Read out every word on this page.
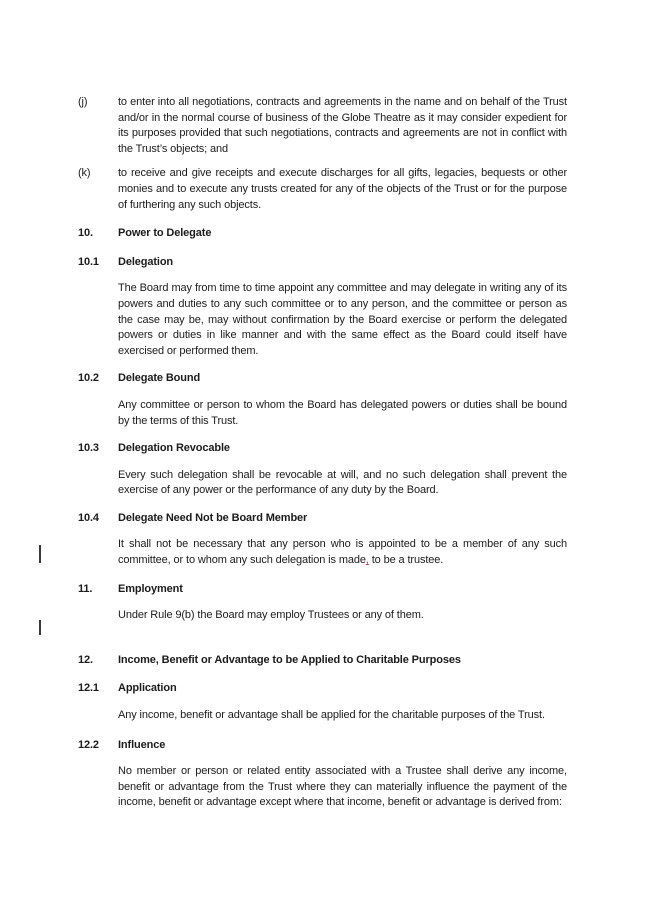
(j)	to enter into all negotiations, contracts and agreements in the name and on behalf of the Trust and/or in the normal course of business of the Globe Theatre as it may consider expedient for its purposes provided that such negotiations, contracts and agreements are not in conflict with the Trust’s objects; and

(k)	to receive and give receipts and execute discharges for all gifts, legacies, bequests or other monies and to execute any trusts created for any of the objects of the Trust or for the purpose of furthering any such objects.

10.	Power to Delegate

10.1	Delegation

The Board may from time to time appoint any committee and may delegate in writing any of its powers and duties to any such committee or to any person, and the committee or person as the case may be, may without confirmation by the Board exercise or perform the delegated powers or duties in like manner and with the same effect as the Board could itself have exercised or performed them.

10.2	Delegate Bound

Any committee or person to whom the Board has delegated powers or duties shall be bound by the terms of this Trust.

10.3	Delegation Revocable

Every such delegation shall be revocable at will, and no such delegation shall prevent the exercise of any power or the performance of any duty by the Board.

10.4	Delegate Need Not be Board Member

It shall not be necessary that any person who is appointed to be a member of any such committee, or to whom any such delegation is made, to be a trustee.

11.	Employment

Under Rule 9(b) the Board may employ Trustees or any of them.

12.	Income, Benefit or Advantage to be Applied to Charitable Purposes

12.1	Application

Any income, benefit or advantage shall be applied for the charitable purposes of the Trust.

12.2	Influence

No member or person or related entity associated with a Trustee shall derive any income, benefit or advantage from the Trust where they can materially influence the payment of the income, benefit or advantage except where that income, benefit or advantage is derived from:
